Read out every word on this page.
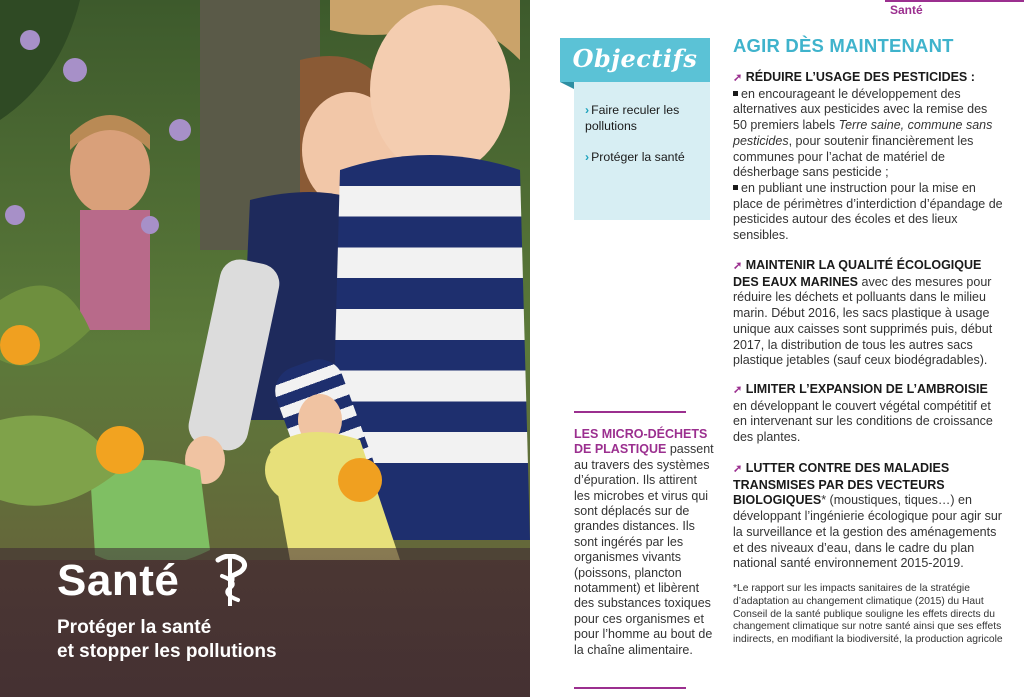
Santé
Protéger la santé
et stopper les pollutions
Santé
Objectifs
› Faire reculer les pollutions
› Protéger la santé
AGIR DÈS MAINTENANT
➚ RÉDUIRE L’USAGE DES PESTICIDES :
en encourageant le développement des alternatives aux pesticides avec la remise des 50 premiers labels Terre saine, commune sans pesticides, pour soutenir financièrement les communes pour l’achat de matériel de désherbage sans pesticide ;
en publiant une instruction pour la mise en place de périmètres d’interdiction d’épandage de pesticides autour des écoles et des lieux sensibles.
➚ MAINTENIR LA QUALITÉ ÉCOLOGIQUE DES EAUX MARINES avec des mesures pour réduire les déchets et polluants dans le milieu marin. Début 2016, les sacs plastique à usage unique aux caisses sont supprimés puis, début 2017, la distribution de tous les autres sacs plastique jetables (sauf ceux biodégradables).
➚ LIMITER L’EXPANSION DE L’AMBROISIE en développant le couvert végétal compétitif et en intervenant sur les conditions de croissance des plantes.
➚ LUTTER CONTRE DES MALADIES TRANSMISES PAR DES VECTEURS BIOLOGIQUES* (moustiques, tiques…) en développant l’ingénierie écologique pour agir sur la surveillance et la gestion des aménagements et des niveaux d’eau, dans le cadre du plan national santé environnement 2015-2019.
*Le rapport sur les impacts sanitaires de la stratégie d’adaptation au changement climatique (2015) du Haut Conseil de la santé publique souligne les effets directs du changement climatique sur notre santé ainsi que ses effets indirects, en modifiant la biodiversité, la production agricole
LES MICRO-DÉCHETS DE PLASTIQUE passent au travers des systèmes d’épuration. Ils attirent les microbes et virus qui sont déplacés sur de grandes distances. Ils sont ingérés par les organismes vivants (poissons, plancton notamment) et libèrent des substances toxiques pour ces organismes et pour l’homme au bout de la chaîne alimentaire.
